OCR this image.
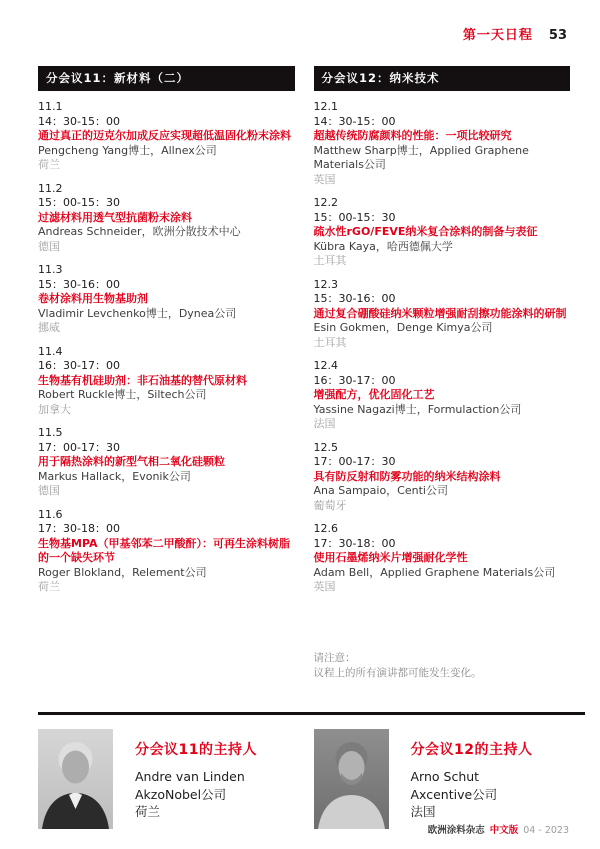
第一天日程 53
分会议11：新材料（二）
11.1
14：30-15：00
通过真正的迈克尔加成反应实现超低温固化粉末涂料
Pengcheng Yang博士，Allnex公司
荷兰
11.2
15：00-15：30
过滤材料用透气型抗菌粉末涂料
Andreas Schneider，欧洲分散技术中心
德国
11.3
15：30-16：00
卷材涂料用生物基助剂
Vladimir Levchenko博士，Dynea公司
挪威
11.4
16：30-17：00
生物基有机硅助剂：非石油基的替代原材料
Robert Ruckle博士，Siltech公司
加拿大
11.5
17：00-17：30
用于隔热涂料的新型气相二氧化硅颗粒
Markus Hallack，Evonik公司
德国
11.6
17：30-18：00
生物基MPA（甲基邻苯二甲酸酐）：可再生涂料树脂的一个缺失环节
Roger Blokland，Relement公司
荷兰
分会议12：纳米技术
12.1
14：30-15：00
超越传统防腐颜料的性能：一项比较研究
Matthew Sharp博士，Applied Graphene Materials公司
英国
12.2
15：00-15：30
疏水性rGO/FEVE纳米复合涂料的制备与表征
Kübra Kaya，哈西德佩大学
土耳其
12.3
15：30-16：00
通过复合硼酸硅纳米颗粒增强耐刮擦功能涂料的研制
Esin Gokmen，Denge Kimya公司
土耳其
12.4
16：30-17：00
增强配方，优化固化工艺
Yassine Nagazi博士，Formulaction公司
法国
12.5
17：00-17：30
具有防反射和防雾功能的纳米结构涂料
Ana Sampaio，Centi公司
葡萄牙
12.6
17：30-18：00
使用石墨烯纳米片增强耐化学性
Adam Bell，Applied Graphene Materials公司
英国
请注意：
议程上的所有演讲都可能发生变化。
分会议11的主持人
Andre van Linden
AkzoNobel公司
荷兰
分会议12的主持人
Arno Schut
Axcentive公司
法国
欧洲涂料杂志 中文版 04 - 2023
